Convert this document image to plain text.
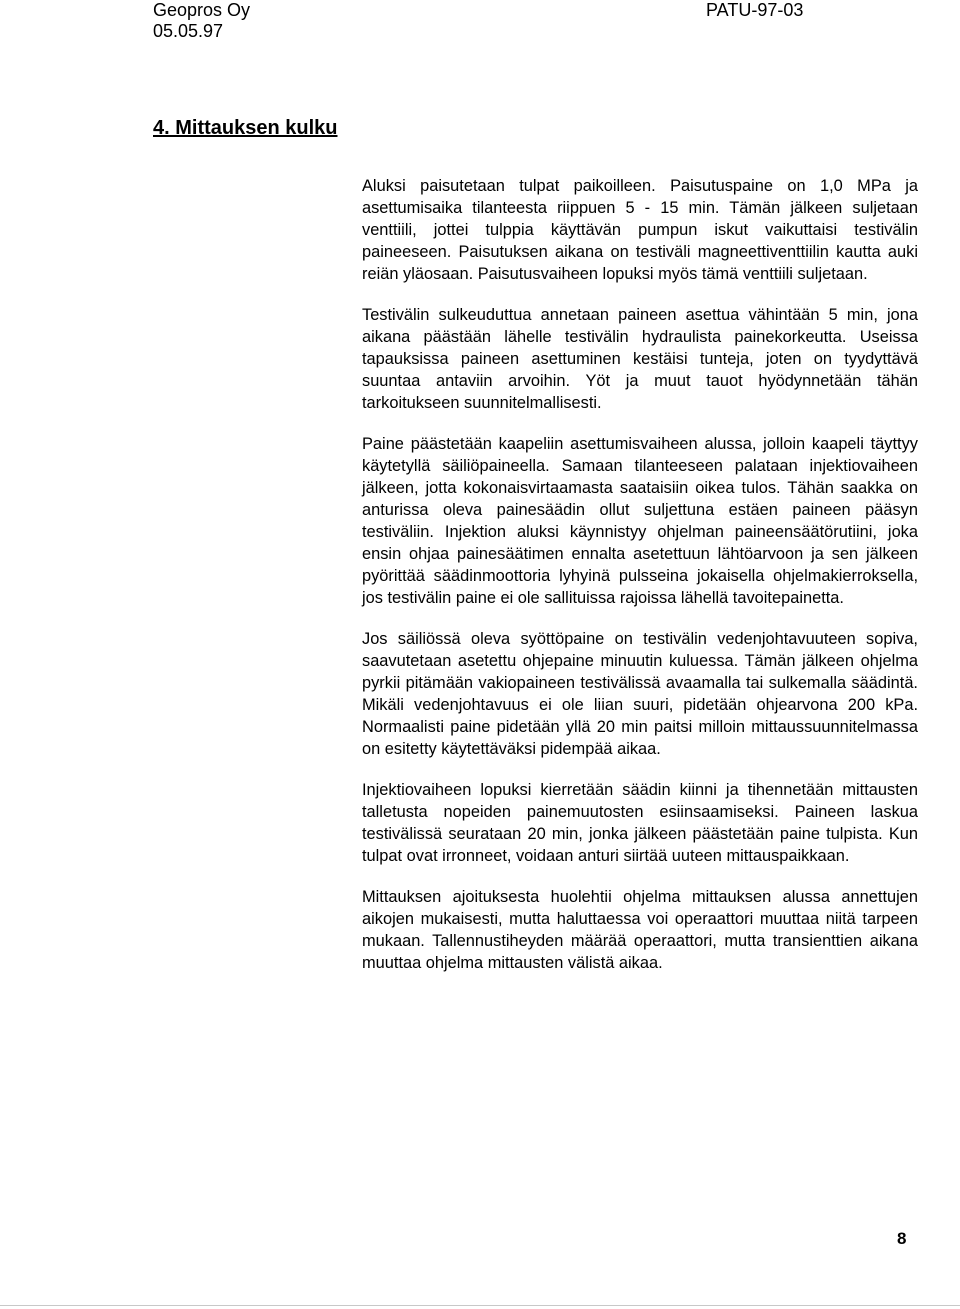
Geopros Oy
05.05.97
PATU-97-03
4. Mittauksen kulku

Aluksi paisutetaan tulpat paikoilleen. Paisutuspaine on 1,0 MPa ja asettumisaika tilanteesta riippuen 5 - 15 min. Tämän jälkeen suljetaan venttiili, jottei tulppia käyttävän pumpun iskut vaikuttaisi testivälin paineeseen. Paisutuksen aikana on testiväli magneettiventtiilin kautta auki reiän yläosaan. Paisutusvaiheen lopuksi myös tämä venttiili suljetaan.

Testivälin sulkeuduttua annetaan paineen asettua vähintään 5 min, jona aikana päästään lähelle testivälin hydraulista painekorkeutta. Useissa tapauksissa paineen asettuminen kestäisi tunteja, joten on tyydyttävä suuntaa antaviin arvoihin. Yöt ja muut tauot hyödynnetään tähän tarkoitukseen suunnitelmallisesti.

Paine päästetään kaapeliin asettumisvaiheen alussa, jolloin kaapeli täyttyy käytetyllä säiliöpaineella. Samaan tilanteeseen palataan injektiovaiheen jälkeen, jotta kokonaisvirtaamasta saataisiin oikea tulos. Tähän saakka on anturissa oleva painesäädin ollut suljettuna estäen paineen pääsyn testiväliin. Injektion aluksi käynnistyy ohjelman paineensäätörutiini, joka ensin ohjaa painesäätimen ennalta asetettuun lähtöarvoon ja sen jälkeen pyörittää säädinmoottoria lyhyinä pulsseina jokaisella ohjelmakierroksella, jos testivälin paine ei ole sallituissa rajoissa lähellä tavoitepainetta.

Jos säiliössä oleva syöttöpaine on testivälin vedenjohtavuuteen sopiva, saavutetaan asetettu ohjepaine minuutin kuluessa. Tämän jälkeen ohjelma pyrkii pitämään vakiopaineen testivälissä avaamalla tai sulkemalla säädintä. Mikäli vedenjohtavuus ei ole liian suuri, pidetään ohjearvona 200 kPa. Normaalisti paine pidetään yllä 20 min paitsi milloin mittaussuunnitelmassa on esitetty käytettäväksi pidempää aikaa.

Injektiovaiheen lopuksi kierretään säädin kiinni ja tihennetään mittausten talletusta nopeiden painemuutosten esiinsaamiseksi. Paineen laskua testivälissä seurataan 20 min, jonka jälkeen päästetään paine tulpista. Kun tulpat ovat irronneet, voidaan anturi siirtää uuteen mittauspaikkaan.

Mittauksen ajoituksesta huolehtii ohjelma mittauksen alussa annettujen aikojen mukaisesti, mutta haluttaessa voi operaattori muuttaa niitä tarpeen mukaan. Tallennustiheyden määrää operaattori, mutta transienttien aikana muuttaa ohjelma mittausten välistä aikaa.

8
